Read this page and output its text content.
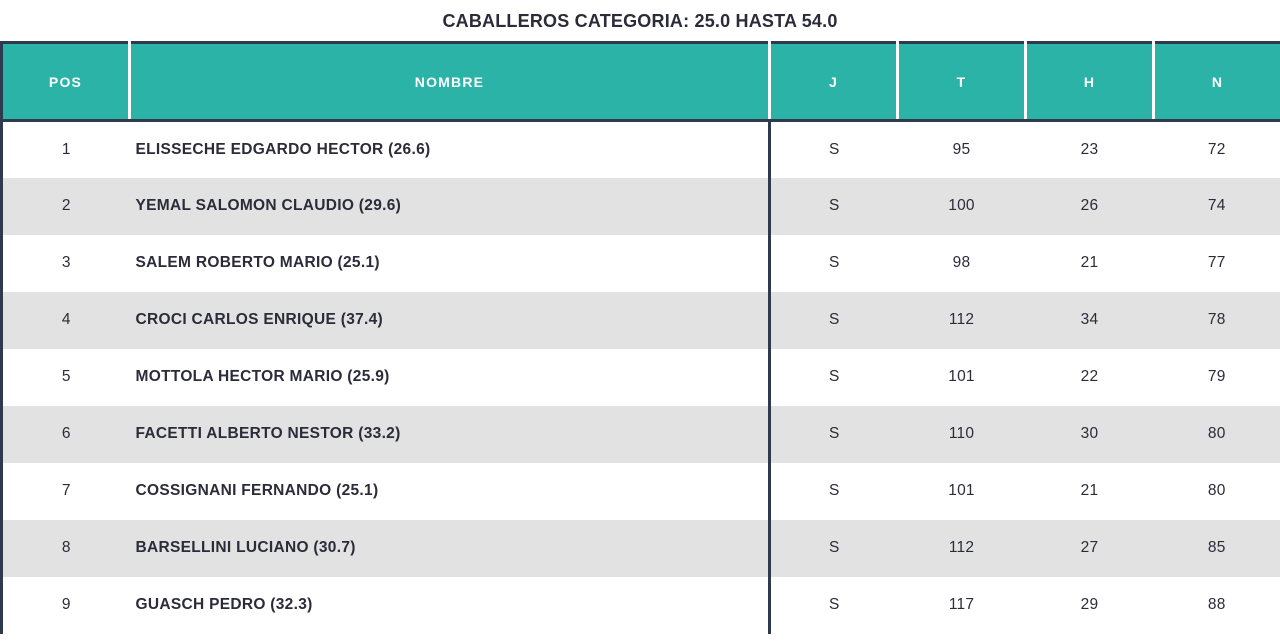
CABALLEROS CATEGORIA: 25.0 HASTA 54.0
POS	NOMBRE	J	T	H	N
1	ELISSECHE EDGARDO HECTOR (26.6)	S	95	23	72
2	YEMAL SALOMON CLAUDIO (29.6)	S	100	26	74
3	SALEM ROBERTO MARIO (25.1)	S	98	21	77
4	CROCI CARLOS ENRIQUE (37.4)	S	112	34	78
5	MOTTOLA HECTOR MARIO (25.9)	S	101	22	79
6	FACETTI ALBERTO NESTOR (33.2)	S	110	30	80
7	COSSIGNANI FERNANDO (25.1)	S	101	21	80
8	BARSELLINI LUCIANO (30.7)	S	112	27	85
9	GUASCH PEDRO (32.3)	S	117	29	88
